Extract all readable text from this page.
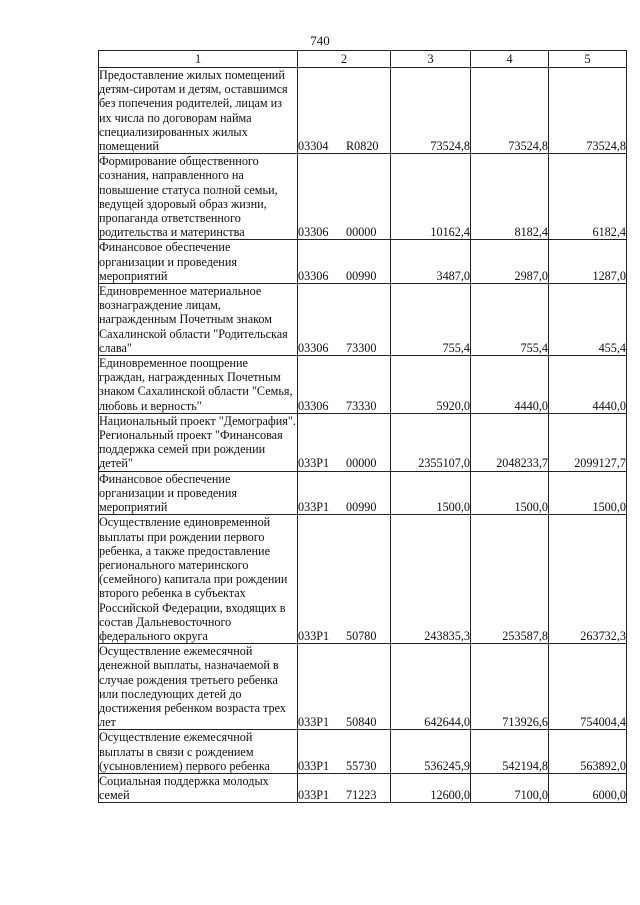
740
1	2	3	4	5
Предоставление жилых помещений детям-сиротам и детям, оставшимся без попечения родителей, лицам из их числа по договорам найма специализированных жилых помещений	03304 R0820	73524,8	73524,8	73524,8
Формирование общественного сознания, направленного на повышение статуса полной семьи, ведущей здоровый образ жизни, пропаганда ответственного родительства и материнства	03306 00000	10162,4	8182,4	6182,4
Финансовое обеспечение организации и проведения мероприятий	03306 00990	3487,0	2987,0	1287,0
Единовременное материальное вознаграждение лицам, награжденным Почетным знаком Сахалинской области "Родительская слава"	03306 73300	755,4	755,4	455,4
Единовременное поощрение граждан, награжденных Почетным знаком Сахалинской области "Семья, любовь и верность"	03306 73330	5920,0	4440,0	4440,0
Национальный проект "Демография". Региональный проект "Финансовая поддержка семей при рождении детей"	033P1 00000	2355107,0	2048233,7	2099127,7
Финансовое обеспечение организации и проведения мероприятий	033P1 00990	1500,0	1500,0	1500,0
Осуществление единовременной выплаты при рождении первого ребенка, а также предоставление регионального материнского (семейного) капитала при рождении второго ребенка в субъектах Российской Федерации, входящих в состав Дальневосточного федерального округа	033P1 50780	243835,3	253587,8	263732,3
Осуществление ежемесячной денежной выплаты, назначаемой в случае рождения третьего ребенка или последующих детей до достижения ребенком возраста трех лет	033P1 50840	642644,0	713926,6	754004,4
Осуществление ежемесячной выплаты в связи с рождением (усыновлением) первого ребенка	033P1 55730	536245,9	542194,8	563892,0
Социальная поддержка молодых семей	033P1 71223	12600,0	7100,0	6000,0
